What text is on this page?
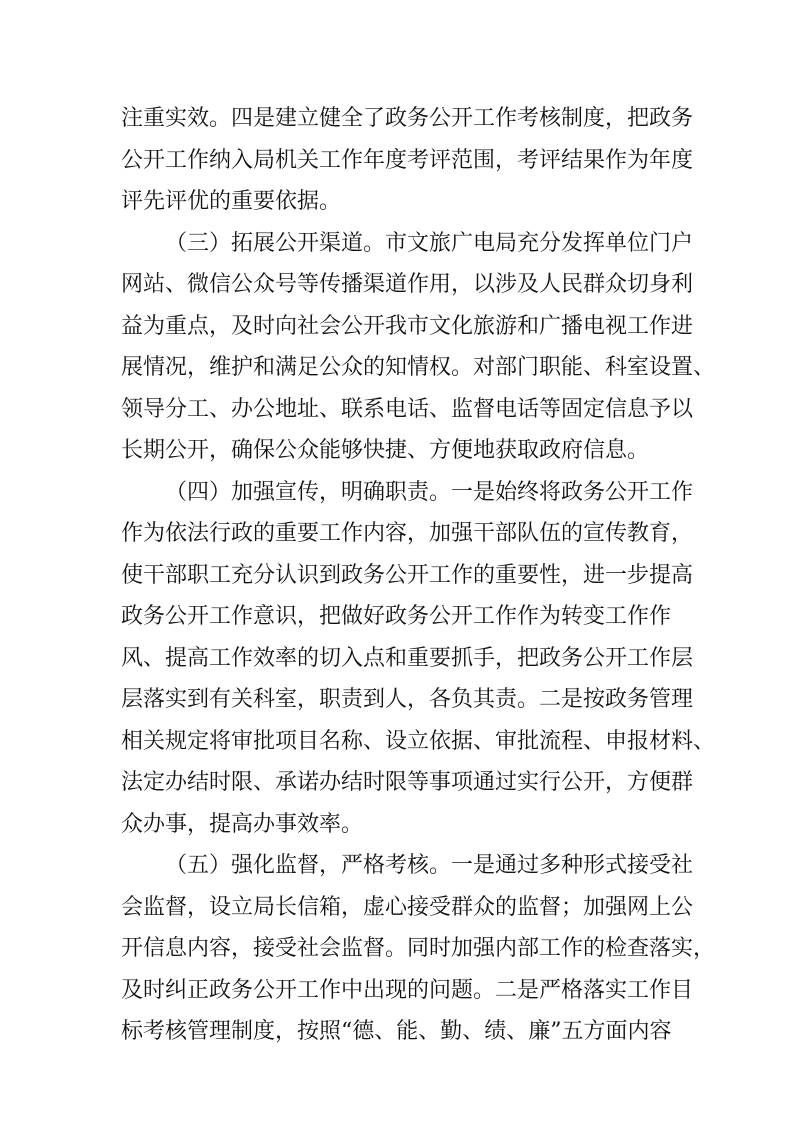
注重实效。四是建立健全了政务公开工作考核制度，把政务

公开工作纳入局机关工作年度考评范围，考评结果作为年度

评先评优的重要依据。

（三）拓展公开渠道。市文旅广电局充分发挥单位门户

网站、微信公众号等传播渠道作用，以涉及人民群众切身利

益为重点，及时向社会公开我市文化旅游和广播电视工作进

展情况，维护和满足公众的知情权。对部门职能、科室设置、

领导分工、办公地址、联系电话、监督电话等固定信息予以

长期公开，确保公众能够快捷、方便地获取政府信息。

（四）加强宣传，明确职责。一是始终将政务公开工作

作为依法行政的重要工作内容，加强干部队伍的宣传教育，

使干部职工充分认识到政务公开工作的重要性，进一步提高

政务公开工作意识，把做好政务公开工作作为转变工作作

风、提高工作效率的切入点和重要抓手，把政务公开工作层

层落实到有关科室，职责到人，各负其责。二是按政务管理

相关规定将审批项目名称、设立依据、审批流程、申报材料、

法定办结时限、承诺办结时限等事项通过实行公开，方便群

众办事，提高办事效率。

（五）强化监督，严格考核。一是通过多种形式接受社

会监督，设立局长信箱，虚心接受群众的监督；加强网上公

开信息内容，接受社会监督。同时加强内部工作的检查落实，

及时纠正政务公开工作中出现的问题。二是严格落实工作目

标考核管理制度，按照“德、能、勤、绩、廉”五方面内容
